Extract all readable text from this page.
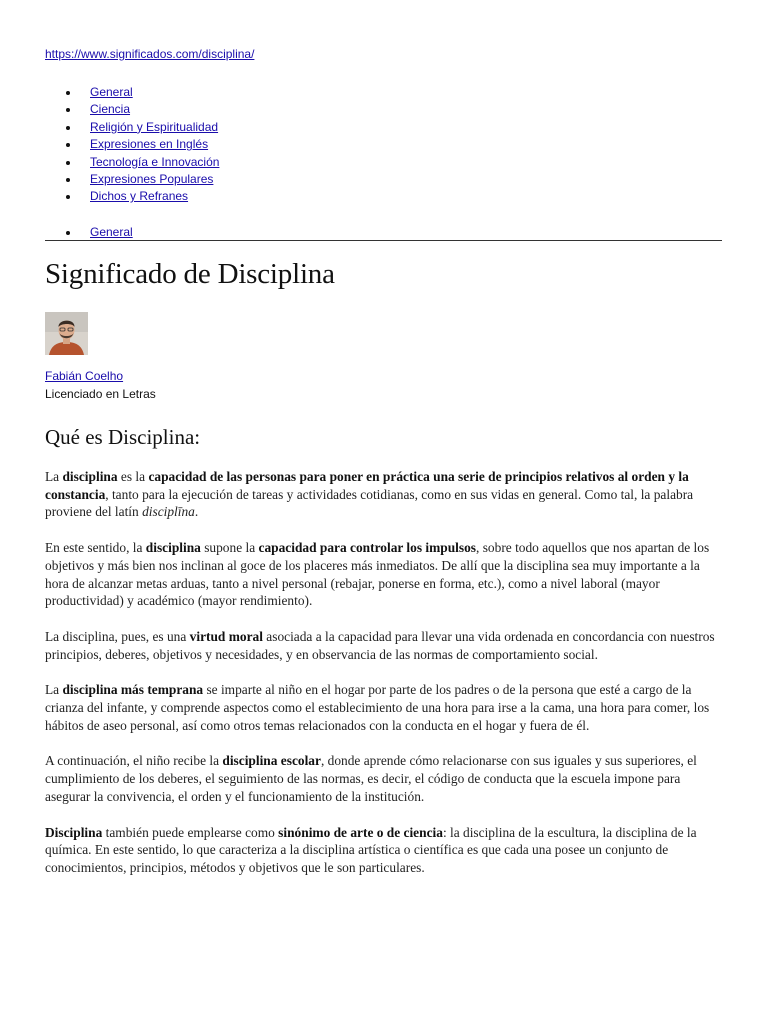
https://www.significados.com/disciplina/
General
Ciencia
Religión y Espiritualidad
Expresiones en Inglés
Tecnología e Innovación
Expresiones Populares
Dichos y Refranes
General
Significado de Disciplina
Fabián Coelho
Licenciado en Letras
Qué es Disciplina:

La disciplina es la capacidad de las personas para poner en práctica una serie de principios relativos al orden y la constancia, tanto para la ejecución de tareas y actividades cotidianas, como en sus vidas en general. Como tal, la palabra proviene del latín disciplīna.

En este sentido, la disciplina supone la capacidad para controlar los impulsos, sobre todo aquellos que nos apartan de los objetivos y más bien nos inclinan al goce de los placeres más inmediatos. De allí que la disciplina sea muy importante a la hora de alcanzar metas arduas, tanto a nivel personal (rebajar, ponerse en forma, etc.), como a nivel laboral (mayor productividad) y académico (mayor rendimiento).

La disciplina, pues, es una virtud moral asociada a la capacidad para llevar una vida ordenada en concordancia con nuestros principios, deberes, objetivos y necesidades, y en observancia de las normas de comportamiento social.

La disciplina más temprana se imparte al niño en el hogar por parte de los padres o de la persona que esté a cargo de la crianza del infante, y comprende aspectos como el establecimiento de una hora para irse a la cama, una hora para comer, los hábitos de aseo personal, así como otros temas relacionados con la conducta en el hogar y fuera de él.

A continuación, el niño recibe la disciplina escolar, donde aprende cómo relacionarse con sus iguales y sus superiores, el cumplimiento de los deberes, el seguimiento de las normas, es decir, el código de conducta que la escuela impone para asegurar la convivencia, el orden y el funcionamiento de la institución.

Disciplina también puede emplearse como sinónimo de arte o de ciencia: la disciplina de la escultura, la disciplina de la química. En este sentido, lo que caracteriza a la disciplina artística o científica es que cada una posee un conjunto de conocimientos, principios, métodos y objetivos que le son particulares.
